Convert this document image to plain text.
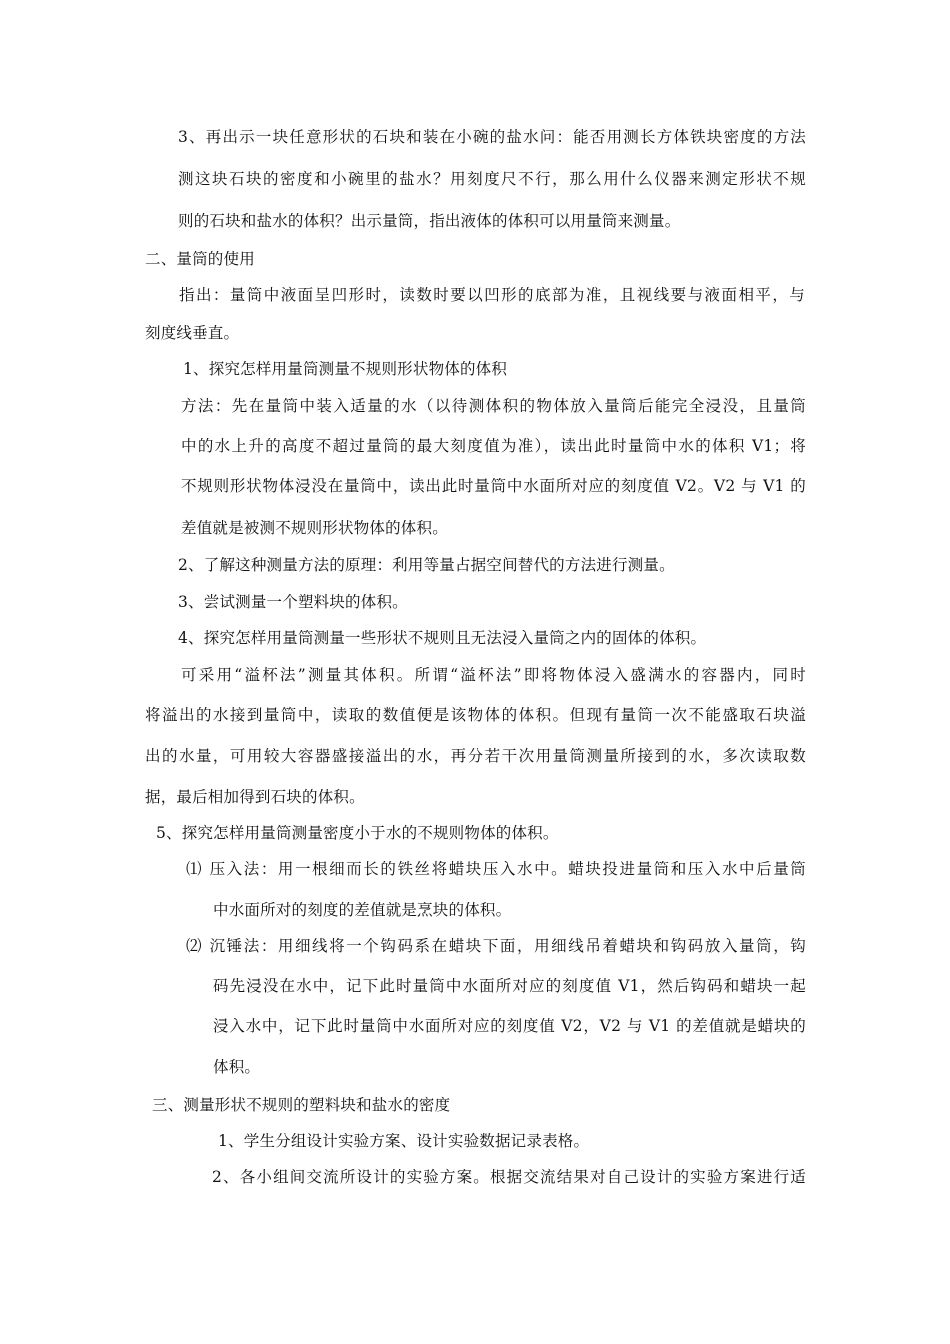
3、再出示一块任意形状的石块和装在小碗的盐水问：能否用测长方体铁块密度的方法
测这块石块的密度和小碗里的盐水？用刻度尺不行，那么用什么仪器来测定形状不规
则的石块和盐水的体积？出示量筒，指出液体的体积可以用量筒来测量。
二、量筒的使用
指出：量筒中液面呈凹形时，读数时要以凹形的底部为准，且视线要与液面相平，与
刻度线垂直。
1、探究怎样用量筒测量不规则形状物体的体积
方法：先在量筒中装入适量的水（以待测体积的物体放入量筒后能完全浸没，且量筒
中的水上升的高度不超过量筒的最大刻度值为准），读出此时量筒中水的体积 V1；将
不规则形状物体浸没在量筒中，读出此时量筒中水面所对应的刻度值 V2。V2 与 V1 的
差值就是被测不规则形状物体的体积。
2、了解这种测量方法的原理：利用等量占据空间替代的方法进行测量。
3、尝试测量一个塑料块的体积。
4、探究怎样用量筒测量一些形状不规则且无法浸入量筒之内的固体的体积。
可采用“溢杯法”测量其体积。所谓“溢杯法”即将物体浸入盛满水的容器内，同时
将溢出的水接到量筒中，读取的数值便是该物体的体积。但现有量筒一次不能盛取石块溢
出的水量，可用较大容器盛接溢出的水，再分若干次用量筒测量所接到的水，多次读取数
据，最后相加得到石块的体积。
5、探究怎样用量筒测量密度小于水的不规则物体的体积。
⑴ 压入法：用一根细而长的铁丝将蜡块压入水中。蜡块投进量筒和压入水中后量筒
中水面所对的刻度的差值就是烹块的体积。
⑵ 沉锤法：用细线将一个钩码系在蜡块下面，用细线吊着蜡块和钩码放入量筒，钩
码先浸没在水中，记下此时量筒中水面所对应的刻度值 V1，然后钩码和蜡块一起
浸入水中，记下此时量筒中水面所对应的刻度值 V2，V2 与 V1 的差值就是蜡块的
体积。
三、测量形状不规则的塑料块和盐水的密度
1、学生分组设计实验方案、设计实验数据记录表格。
2、各小组间交流所设计的实验方案。根据交流结果对自己设计的实验方案进行适
